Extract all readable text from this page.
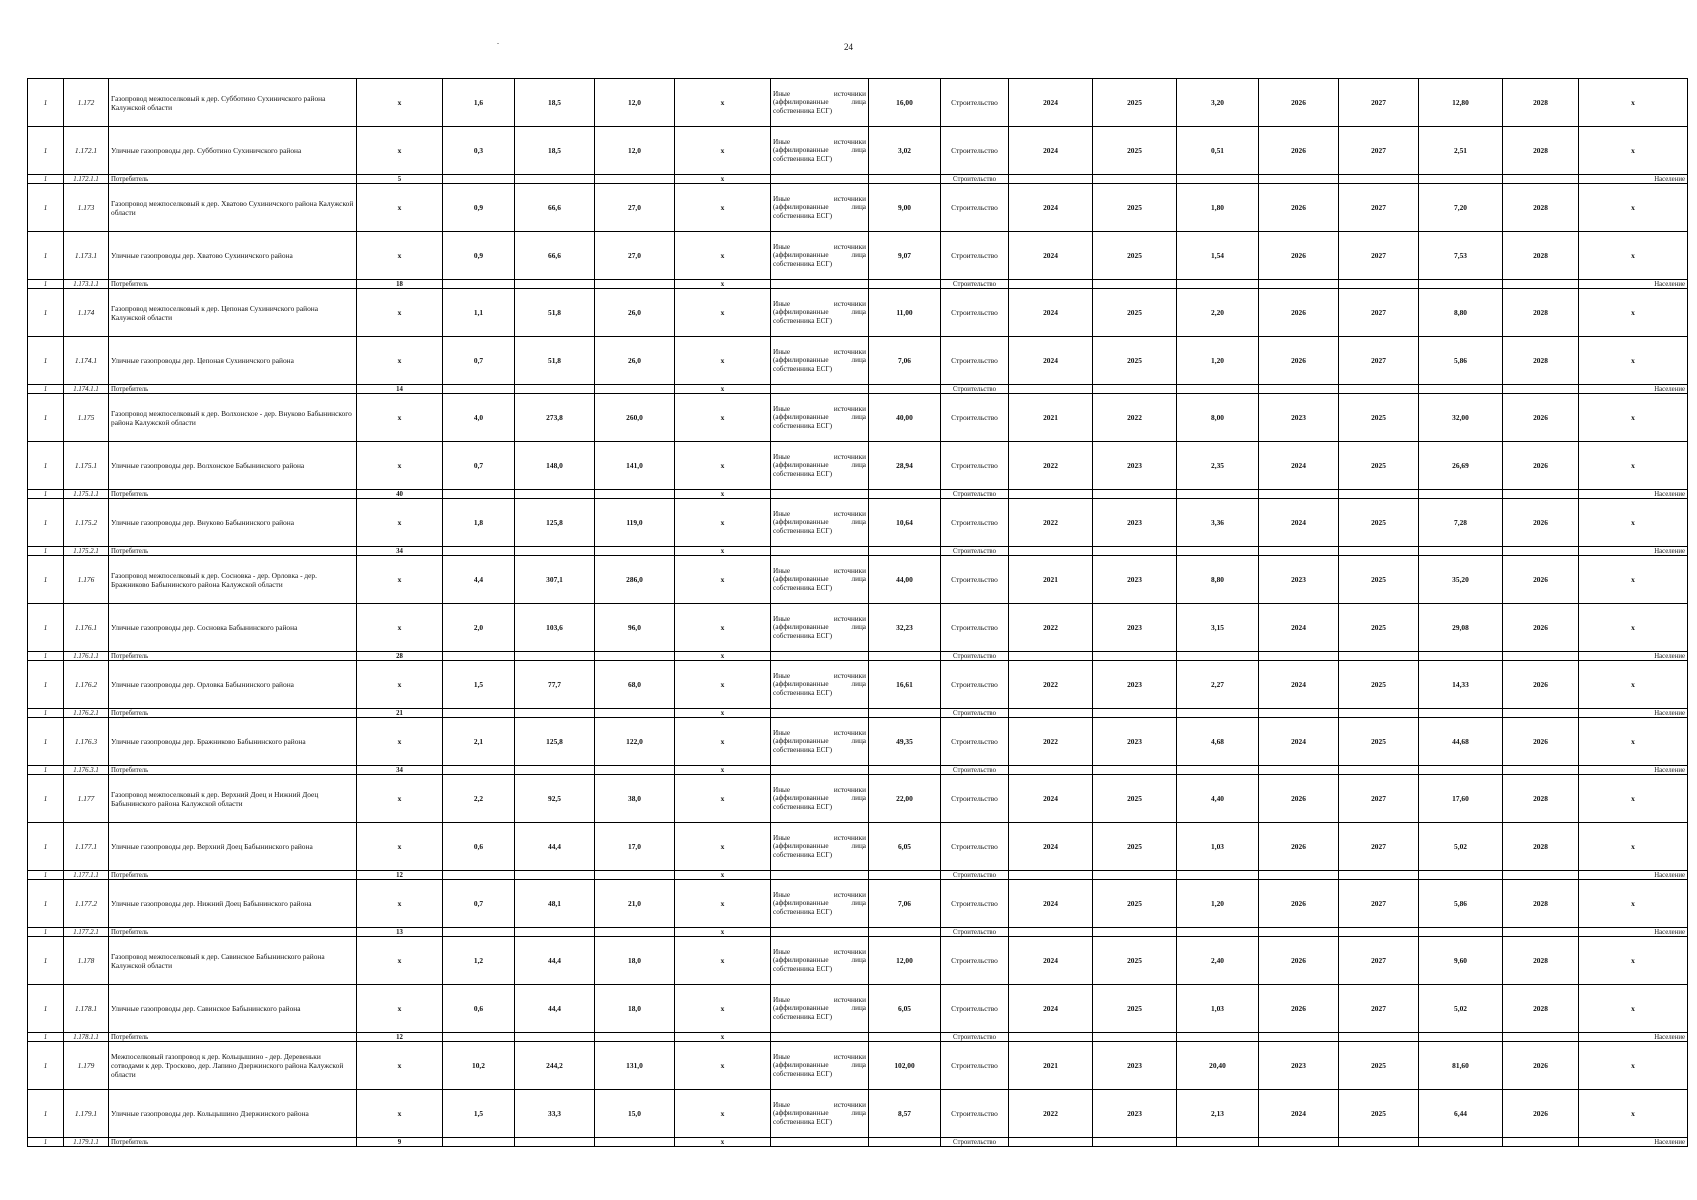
.
24
1	1.172	Газопровод межпоселковый к дер. Субботино Сухиничского района Калужской области	x	1,6	18,5	12,0	x	Иные источники (аффилированные лица собственника ЕСГ)	16,00	Строительство	2024	2025	3,20	2026	2027	12,80	2028	x
1	1.172.1	Уличные газопроводы дер. Субботино Сухиничского района	x	0,3	18,5	12,0	x	Иные источники (аффилированные лица собственника ЕСГ)	3,02	Строительство	2024	2025	0,51	2026	2027	2,51	2028	x
1	1.172.1.1	Потребитель	5				x			Строительство								Население
1	1.173	Газопровод межпоселковый к дер. Хватово Сухиничского района Калужской области	x	0,9	66,6	27,0	x	Иные источники (аффилированные лица собственника ЕСГ)	9,00	Строительство	2024	2025	1,80	2026	2027	7,20	2028	x
1	1.173.1	Уличные газопроводы дер. Хватово Сухиничского района	x	0,9	66,6	27,0	x	Иные источники (аффилированные лица собственника ЕСГ)	9,07	Строительство	2024	2025	1,54	2026	2027	7,53	2028	x
1	1.173.1.1	Потребитель	18				x			Строительство								Население
1	1.174	Газопровод межпоселковый к дер. Цепоная Сухиничского района Калужской области	x	1,1	51,8	26,0	x	Иные источники (аффилированные лица собственника ЕСГ)	11,00	Строительство	2024	2025	2,20	2026	2027	8,80	2028	x
1	1.174.1	Уличные газопроводы дер. Цепоная Сухиничского района	x	0,7	51,8	26,0	x	Иные источники (аффилированные лица собственника ЕСГ)	7,06	Строительство	2024	2025	1,20	2026	2027	5,86	2028	x
1	1.174.1.1	Потребитель	14				x			Строительство								Население
1	1.175	Газопровод межпоселковый к дер. Волхонское - дер. Внуково Бабынинского района Калужской области	x	4,0	273,8	260,0	x	Иные источники (аффилированные лица собственника ЕСГ)	40,00	Строительство	2021	2022	8,00	2023	2025	32,00	2026	x
1	1.175.1	Уличные газопроводы дер. Волхонское Бабынинского района	x	0,7	148,0	141,0	x	Иные источники (аффилированные лица собственника ЕСГ)	28,94	Строительство	2022	2023	2,35	2024	2025	26,69	2026	x
1	1.175.1.1	Потребитель	40				x			Строительство								Население
1	1.175.2	Уличные газопроводы дер. Внуково Бабынинского района	x	1,8	125,8	119,0	x	Иные источники (аффилированные лица собственника ЕСГ)	10,64	Строительство	2022	2023	3,36	2024	2025	7,28	2026	x
1	1.175.2.1	Потребитель	34				x			Строительство								Население
1	1.176	Газопровод межпоселковый к дер. Сосновка - дер. Орловка - дер. Бражниково Бабынинского района Калужской области	x	4,4	307,1	286,0	x	Иные источники (аффилированные лица собственника ЕСГ)	44,00	Строительство	2021	2023	8,80	2023	2025	35,20	2026	x
1	1.176.1	Уличные газопроводы дер. Сосновка Бабынинского района	x	2,0	103,6	96,0	x	Иные источники (аффилированные лица собственника ЕСГ)	32,23	Строительство	2022	2023	3,15	2024	2025	29,08	2026	x
1	1.176.1.1	Потребитель	28				x			Строительство								Население
1	1.176.2	Уличные газопроводы дер. Орловка Бабынинского района	x	1,5	77,7	68,0	x	Иные источники (аффилированные лица собственника ЕСГ)	16,61	Строительство	2022	2023	2,27	2024	2025	14,33	2026	x
1	1.176.2.1	Потребитель	21				x			Строительство								Население
1	1.176.3	Уличные газопроводы дер. Бражниково Бабынинского района	x	2,1	125,8	122,0	x	Иные источники (аффилированные лица собственника ЕСГ)	49,35	Строительство	2022	2023	4,68	2024	2025	44,68	2026	x
1	1.176.3.1	Потребитель	34				x			Строительство								Население
1	1.177	Газопровод межпоселковый к дер. Верхний Доец и Нижний Доец Бабынинского района Калужской области	x	2,2	92,5	38,0	x	Иные источники (аффилированные лица собственника ЕСГ)	22,00	Строительство	2024	2025	4,40	2026	2027	17,60	2028	x
1	1.177.1	Уличные газопроводы дер. Верхний Доец Бабынинского района	x	0,6	44,4	17,0	x	Иные источники (аффилированные лица собственника ЕСГ)	6,05	Строительство	2024	2025	1,03	2026	2027	5,02	2028	x
1	1.177.1.1	Потребитель	12				x			Строительство								Население
1	1.177.2	Уличные газопроводы дер. Нижний Доец Бабынинского района	x	0,7	48,1	21,0	x	Иные источники (аффилированные лица собственника ЕСГ)	7,06	Строительство	2024	2025	1,20	2026	2027	5,86	2028	x
1	1.177.2.1	Потребитель	13				x			Строительство								Население
1	1.178	Газопровод межпоселковый к дер. Савинское Бабынинского района Калужской области	x	1,2	44,4	18,0	x	Иные источники (аффилированные лица собственника ЕСГ)	12,00	Строительство	2024	2025	2,40	2026	2027	9,60	2028	x
1	1.178.1	Уличные газопроводы дер. Савинское Бабынинского района	x	0,6	44,4	18,0	x	Иные источники (аффилированные лица собственника ЕСГ)	6,05	Строительство	2024	2025	1,03	2026	2027	5,02	2028	x
1	1.178.1.1	Потребитель	12				x			Строительство								Население
1	1.179	Межпоселковый газопровод к дер. Кольцышино - дер. Деревеньки сотводами к дер. Тросково, дер. Лапино Дзержинского района Калужской области	x	10,2	244,2	131,0	x	Иные источники (аффилированные лица собственника ЕСГ)	102,00	Строительство	2021	2023	20,40	2023	2025	81,60	2026	x
1	1.179.1	Уличные газопроводы дер. Кольцышино Дзержинского района	x	1,5	33,3	15,0	x	Иные источники (аффилированные лица собственника ЕСГ)	8,57	Строительство	2022	2023	2,13	2024	2025	6,44	2026	x
1	1.179.1.1	Потребитель	9				x			Строительство								Население
